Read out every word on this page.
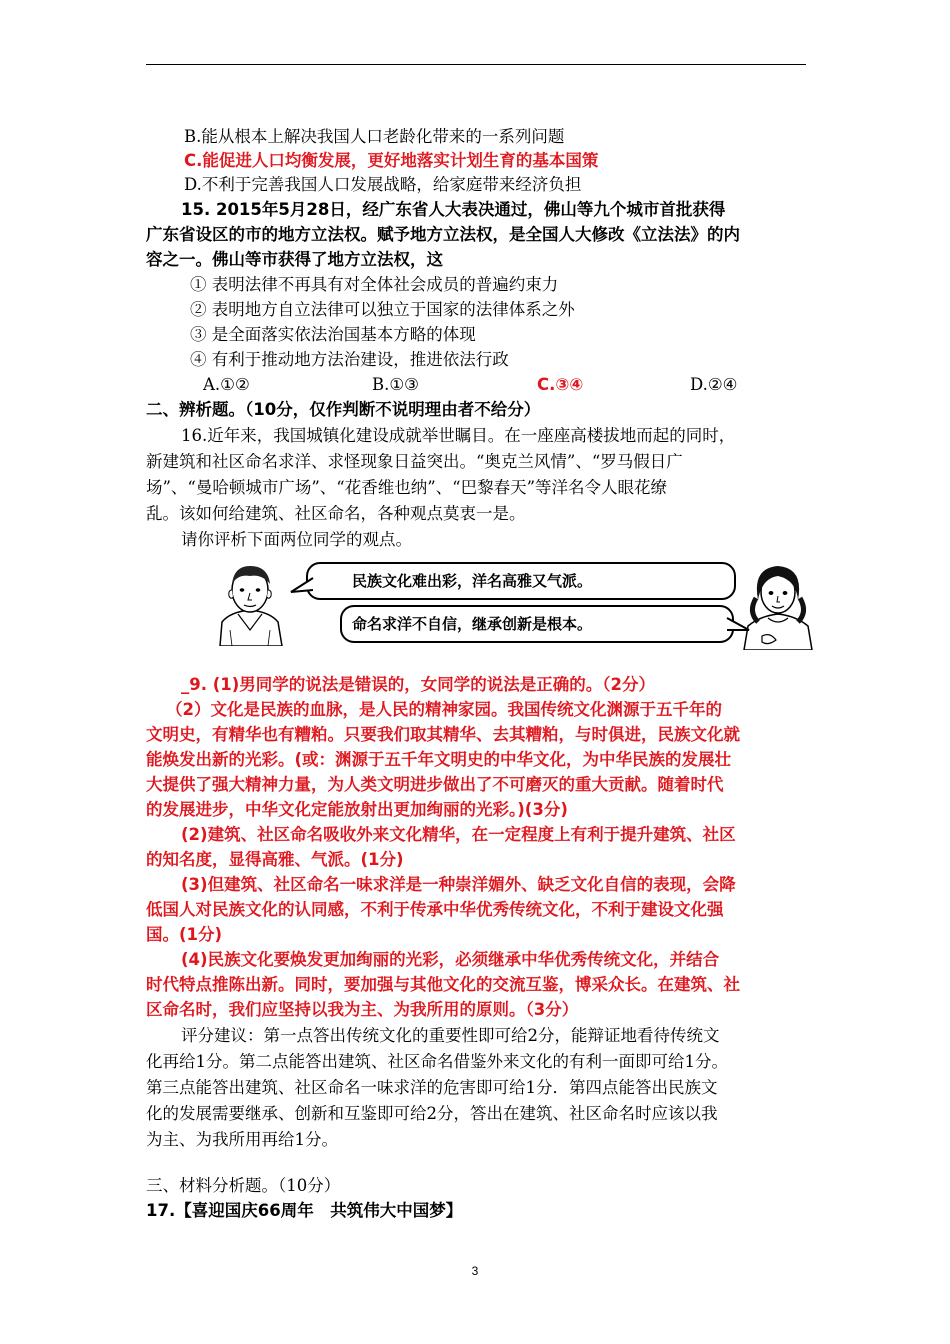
B.能从根本上解决我国人口老龄化带来的一系列问题
C.能促进人口均衡发展，更好地落实计划生育的基本国策
D.不利于完善我国人口发展战略，给家庭带来经济负担
15. 2015年5月28日，经广东省人大表决通过，佛山等九个城市首批获得
广东省设区的市的地方立法权。赋予地方立法权，是全国人大修改《立法法》的内
容之一。佛山等市获得了地方立法权，这
① 表明法律不再具有对全体社会成员的普遍约束力
② 表明地方自立法律可以独立于国家的法律体系之外
③ 是全面落实依法治国基本方略的体现
④ 有利于推动地方法治建设，推进依法行政
A.①②	B.①③	C.③④	D.②④
二、辨析题。（10分，仅作判断不说明理由者不给分）
16.近年来，我国城镇化建设成就举世瞩目。在一座座高楼拔地而起的同时，
新建筑和社区命名求洋、求怪现象日益突出。“奥克兰风情”、“罗马假日广
场”、“曼哈顿城市广场”、“花香维也纳”、“巴黎春天”等洋名令人眼花缭
乱。该如何给建筑、社区命名，各种观点莫衷一是。
请你评析下面两位同学的观点。
民族文化难出彩，洋名高雅又气派。
命名求洋不自信，继承创新是根本。
_9. (1)男同学的说法是错误的，女同学的说法是正确的。（2分）
（2）文化是民族的血脉，是人民的精神家园。我国传统文化渊源于五千年的
文明史，有精华也有糟粕。只要我们取其精华、去其糟粕，与时俱进，民族文化就
能焕发出新的光彩。(或：渊源于五千年文明史的中华文化，为中华民族的发展壮
大提供了强大精神力量，为人类文明进步做出了不可磨灭的重大贡献。随着时代
的发展进步，中华文化定能放射出更加绚丽的光彩。)(3分)
(2)建筑、社区命名吸收外来文化精华，在一定程度上有利于提升建筑、社区
的知名度，显得高雅、气派。(1分)
(3)但建筑、社区命名一味求洋是一种崇洋媚外、缺乏文化自信的表现，会降
低国人对民族文化的认同感，不利于传承中华优秀传统文化，不利于建设文化强
国。(1分)
(4)民族文化要焕发更加绚丽的光彩，必须继承中华优秀传统文化，并结合
时代特点推陈出新。同时，要加强与其他文化的交流互鉴，博采众长。在建筑、社
区命名时，我们应坚持以我为主、为我所用的原则。（3分）
评分建议：第一点答出传统文化的重要性即可给2分，能辩证地看待传统文
化再给1分。第二点能答出建筑、社区命名借鉴外来文化的有利一面即可给1分。
第三点能答出建筑、社区命名一味求洋的危害即可给1分．第四点能答出民族文
化的发展需要继承、创新和互鉴即可给2分，答出在建筑、社区命名时应该以我
为主、为我所用再给1分。
三、材料分析题。（10分）
17.【喜迎国庆66周年　共筑伟大中国梦】
3
